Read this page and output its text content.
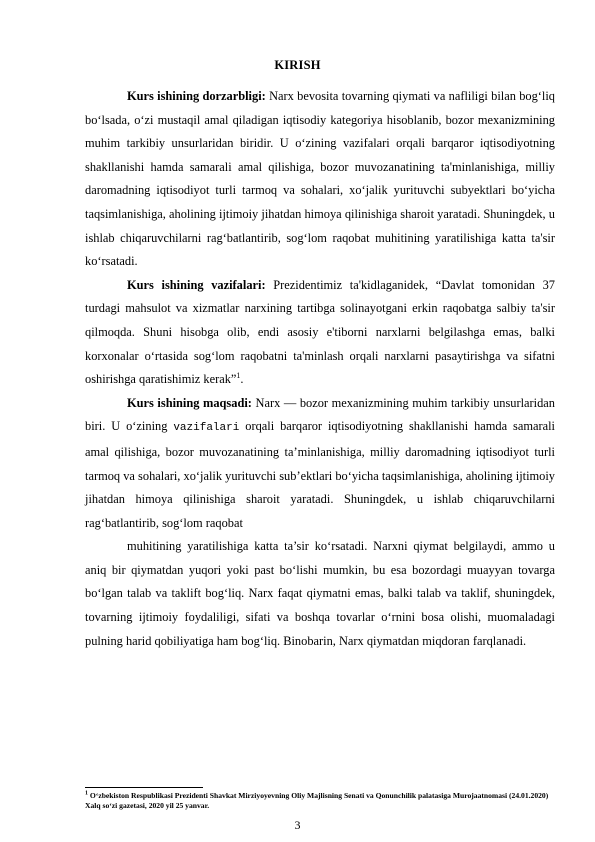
KIRISH

Kurs ishining dorzarbligi: Narx bevosita tovarning qiymati va nafliligi bilan bog‘liq bo‘lsada, o‘zi mustaqil amal qiladigan iqtisodiy kategoriya hisoblanib, bozor mexanizmining muhim tarkibiy unsurlaridan biridir. U o‘zining vazifalari orqali barqaror iqtisodiyotning shakllanishi hamda samarali amal qilishiga, bozor muvozanatining ta'minlanishiga, milliy daromadning iqtisodiyot turli tarmoq va sohalari, xo‘jalik yurituvchi subyektlari bo‘yicha taqsimlanishiga, aholining ijtimoiy jihatdan himoya qilinishiga sharoit yaratadi. Shuningdek, u ishlab chiqaruvchilarni rag‘batlantirib, sog‘lom raqobat muhitining yaratilishiga katta ta'sir ko‘rsatadi.

Kurs ishining vazifalari: Prezidentimiz ta'kidlaganidek, “Davlat tomonidan 37 turdagi mahsulot va xizmatlar narxining tartibga solinayotgani erkin raqobatga salbiy ta'sir qilmoqda. Shuni hisobga olib, endi asosiy e'tiborni narxlarni belgilashga emas, balki korxonalar o‘rtasida sog‘lom raqobatni ta'minlash orqali narxlarni pasaytirishga va sifatni oshirishga qaratishimiz kerak”$^1$.

Kurs ishining maqsadi: Narx — bozor mexanizmining muhim tarkibiy unsurlaridan biri. U o‘zining vazifalari orqali barqaror iqtisodiyotning shakllanishi hamda samarali amal qilishiga, bozor muvozanatining ta’minlanishiga, milliy daromadning iqtisodiyot turli tarmoq va sohalari, xo‘jalik yurituvchi sub’ektlari bo‘yicha taqsimlanishiga, aholining ijtimoiy jihatdan himoya qilinishiga sharoit yaratadi. Shuningdek, u ishlab chiqaruvchilarni rag‘batlantirib, sog‘lom raqobat

muhitining yaratilishiga katta ta’sir ko‘rsatadi. Narxni qiymat belgilaydi, ammo u aniq bir qiymatdan yuqori yoki past bo‘lishi mumkin, bu esa bozordagi muayyan tovarga bo‘lgan talab va taklift bog‘liq. Narx faqat qiymatni emas, balki talab va taklif, shuningdek, tovarning ijtimoiy foydaliligi, sifati va boshqa tovarlar o‘rnini bosa olishi, muomaladagi pulning harid qobiliyatiga ham bog‘liq. Binobarin, Narx qiymatdan miqdoran farqlanadi.

$^1$ O‘zbekiston Respublikasi Prezidenti Shavkat Mirziyoyevning Oliy Majlisning Senati va Qonunchilik palatasiga Murojaatnomasi (24.01.2020) Xalq so‘zi gazetasi, 2020 yil 25 yanvar.
3
